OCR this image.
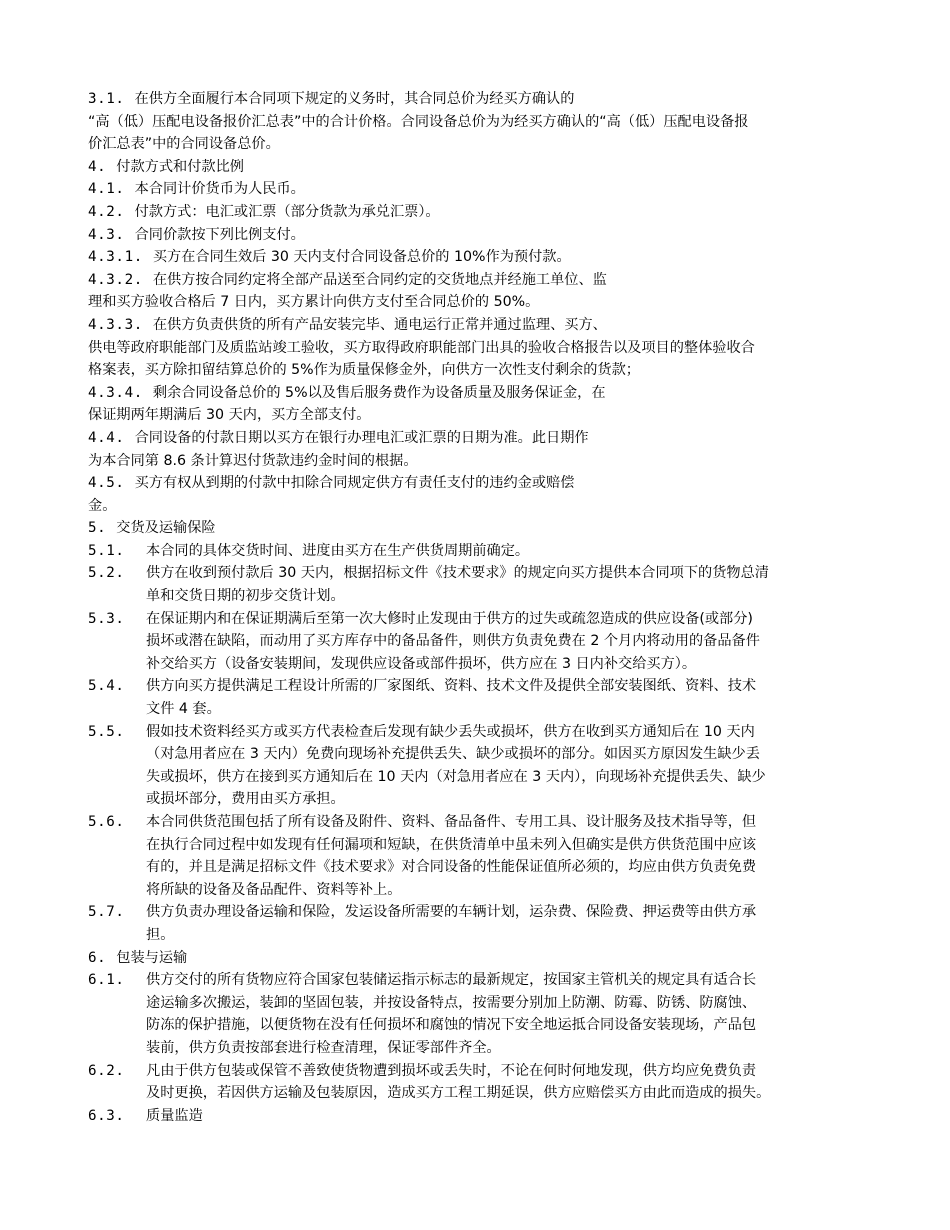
3.1. 在供方全面履行本合同项下规定的义务时，其合同总价为经买方确认的
“高（低）压配电设备报价汇总表”中的合计价格。合同设备总价为为经买方确认的“高（低）压配电设备报
价汇总表”中的合同设备总价。
4. 付款方式和付款比例
4.1. 本合同计价货币为人民币。
4.2. 付款方式：电汇或汇票（部分货款为承兑汇票）。
4.3. 合同价款按下列比例支付。
4.3.1. 买方在合同生效后 30 天内支付合同设备总价的 10%作为预付款。
4.3.2. 在供方按合同约定将全部产品送至合同约定的交货地点并经施工单位、监
理和买方验收合格后 7 日内，买方累计向供方支付至合同总价的 50%。
4.3.3. 在供方负责供货的所有产品安装完毕、通电运行正常并通过监理、买方、
供电等政府职能部门及质监站竣工验收，买方取得政府职能部门出具的验收合格报告以及项目的整体验收合
格案表，买方除扣留结算总价的 5%作为质量保修金外，向供方一次性支付剩余的货款；
4.3.4. 剩余合同设备总价的 5%以及售后服务费作为设备质量及服务保证金，在
保证期两年期满后 30 天内，买方全部支付。
4.4. 合同设备的付款日期以买方在银行办理电汇或汇票的日期为准。此日期作
为本合同第 8.6 条计算迟付货款违约金时间的根据。
4.5. 买方有权从到期的付款中扣除合同规定供方有责任支付的违约金或赔偿
金。
5. 交货及运输保险
5.1. 本合同的具体交货时间、进度由买方在生产供货周期前确定。
5.2. 供方在收到预付款后 30 天内，根据招标文件《技术要求》的规定向买方提供本合同项下的货物总清
单和交货日期的初步交货计划。
5.3. 在保证期内和在保证期满后至第一次大修时止发现由于供方的过失或疏忽造成的供应设备(或部分)
损坏或潜在缺陷，而动用了买方库存中的备品备件，则供方负责免费在 2 个月内将动用的备品备件
补交给买方（设备安装期间，发现供应设备或部件损坏，供方应在 3 日内补交给买方）。
5.4. 供方向买方提供满足工程设计所需的厂家图纸、资料、技术文件及提供全部安装图纸、资料、技术
文件 4 套。
5.5. 假如技术资料经买方或买方代表检查后发现有缺少丢失或损坏，供方在收到买方通知后在 10 天内
（对急用者应在 3 天内）免费向现场补充提供丢失、缺少或损坏的部分。如因买方原因发生缺少丢
失或损坏，供方在接到买方通知后在 10 天内（对急用者应在 3 天内），向现场补充提供丢失、缺少
或损坏部分，费用由买方承担。
5.6. 本合同供货范围包括了所有设备及附件、资料、备品备件、专用工具、设计服务及技术指导等，但
在执行合同过程中如发现有任何漏项和短缺，在供货清单中虽未列入但确实是供方供货范围中应该
有的，并且是满足招标文件《技术要求》对合同设备的性能保证值所必须的，均应由供方负责免费
将所缺的设备及备品配件、资料等补上。
5.7. 供方负责办理设备运输和保险，发运设备所需要的车辆计划，运杂费、保险费、押运费等由供方承
担。
6. 包装与运输
6.1. 供方交付的所有货物应符合国家包装储运指示标志的最新规定，按国家主管机关的规定具有适合长
途运输多次搬运，装卸的坚固包装，并按设备特点，按需要分别加上防潮、防霉、防锈、防腐蚀、
防冻的保护措施，以便货物在没有任何损坏和腐蚀的情况下安全地运抵合同设备安装现场，产品包
装前，供方负责按部套进行检查清理，保证零部件齐全。
6.2. 凡由于供方包装或保管不善致使货物遭到损坏或丢失时，不论在何时何地发现，供方均应免费负责
及时更换，若因供方运输及包装原因，造成买方工程工期延误，供方应赔偿买方由此而造成的损失。
6.3. 质量监造
